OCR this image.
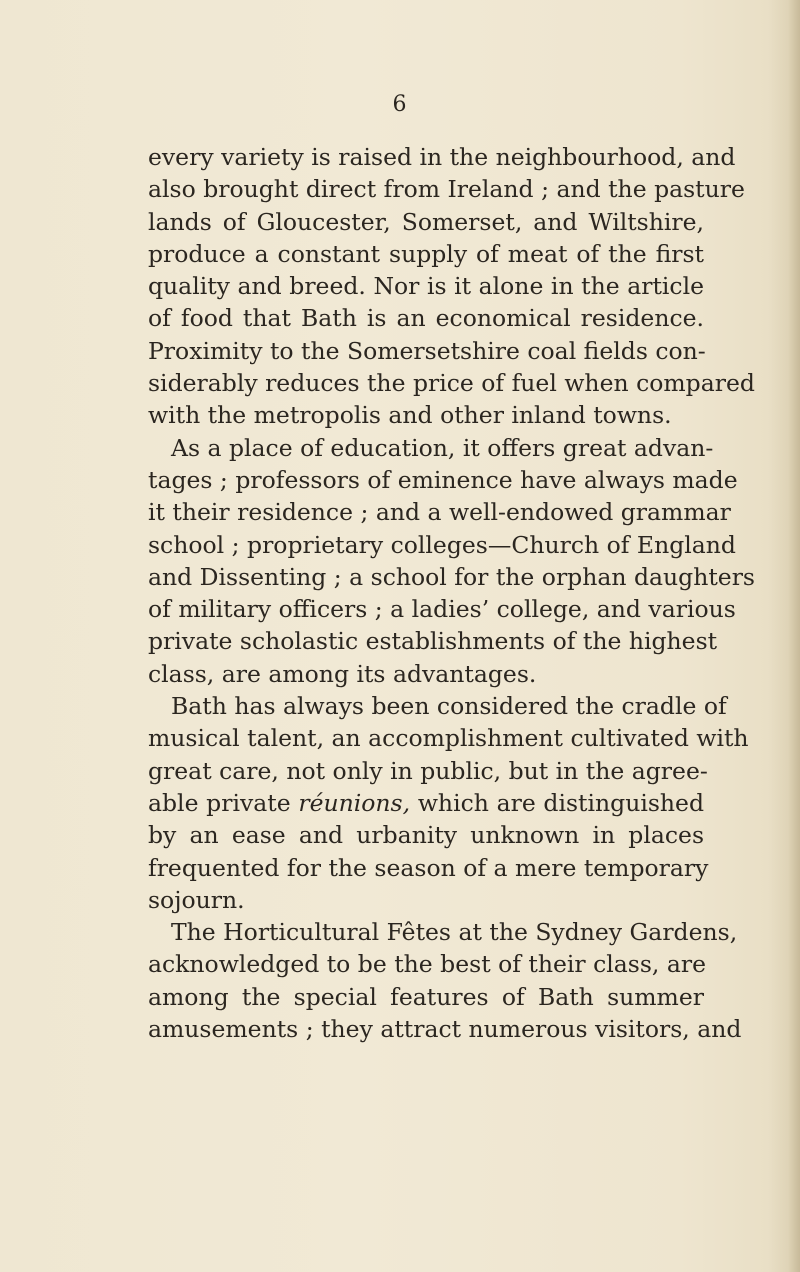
6
every variety is raised in the neighbourhood, and
also brought direct from Ireland ; and the pasture
lands of Gloucester, Somerset, and Wiltshire,
produce a constant supply of meat of the first
quality and breed. Nor is it alone in the article
of food that Bath is an economical residence.
Proximity to the Somersetshire coal fields con-
siderably reduces the price of fuel when compared
with the metropolis and other inland towns.
As a place of education, it offers great advan-
tages ; professors of eminence have always made
it their residence ; and a well-endowed grammar
school ; proprietary colleges—Church of England
and Dissenting ; a school for the orphan daughters
of military officers ; a ladies’ college, and various
private scholastic establishments of the highest
class, are among its advantages.
Bath has always been considered the cradle of
musical talent, an accomplishment cultivated with
great care, not only in public, but in the agree-
able private réunions, which are distinguished
by an ease and urbanity unknown in places
frequented for the season of a mere temporary
sojourn.
The Horticultural Fêtes at the Sydney Gardens,
acknowledged to be the best of their class, are
among the special features of Bath summer
amusements ; they attract numerous visitors, and
